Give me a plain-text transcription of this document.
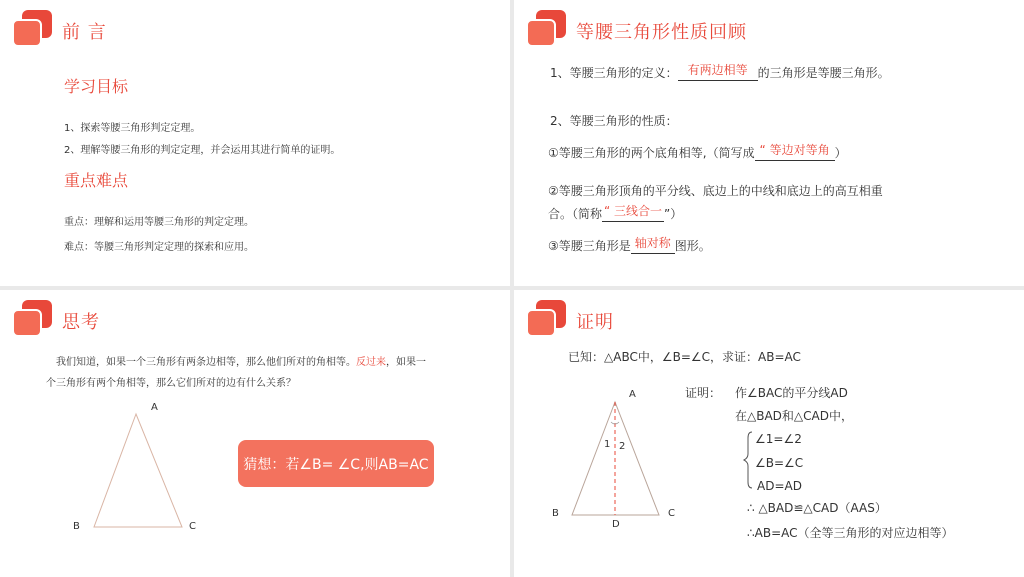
前 言
学习目标
1、探索等腰三角形判定定理。
2、理解等腰三角形的判定定理，并会运用其进行简单的证明。
重点难点
重点：理解和运用等腰三角形的判定定理。
难点：等腰三角形判定定理的探索和应用。
等腰三角形性质回顾
1、等腰三角形的定义： 有两边相等 的三角形是等腰三角形。
2、等腰三角形的性质：
①等腰三角形的两个底角相等,（简写成 “ 等边对等角 ）
②等腰三角形顶角的平分线、底边上的中线和底边上的高互相重
合。（简称 “ 三线合一 ”）
③等腰三角形是 轴对称 图形。
思考
我们知道，如果一个三角形有两条边相等，那么他们所对的角相等。反过来，如果一
个三角形有两个角相等，那么它们所对的边有什么关系？
A
B	C
猜想：若∠B= ∠C,则AB=AC
证明
已知：△ABC中，∠B=∠C，求证：AB=AC
A
B	C
D
1 2
证明： 作∠BAC的平分线AD
在△BAD和△CAD中，
∠1=∠2
∠B=∠C
AD=AD
∴ △BAD≌△CAD（AAS）
∴AB=AC（全等三角形的对应边相等）
